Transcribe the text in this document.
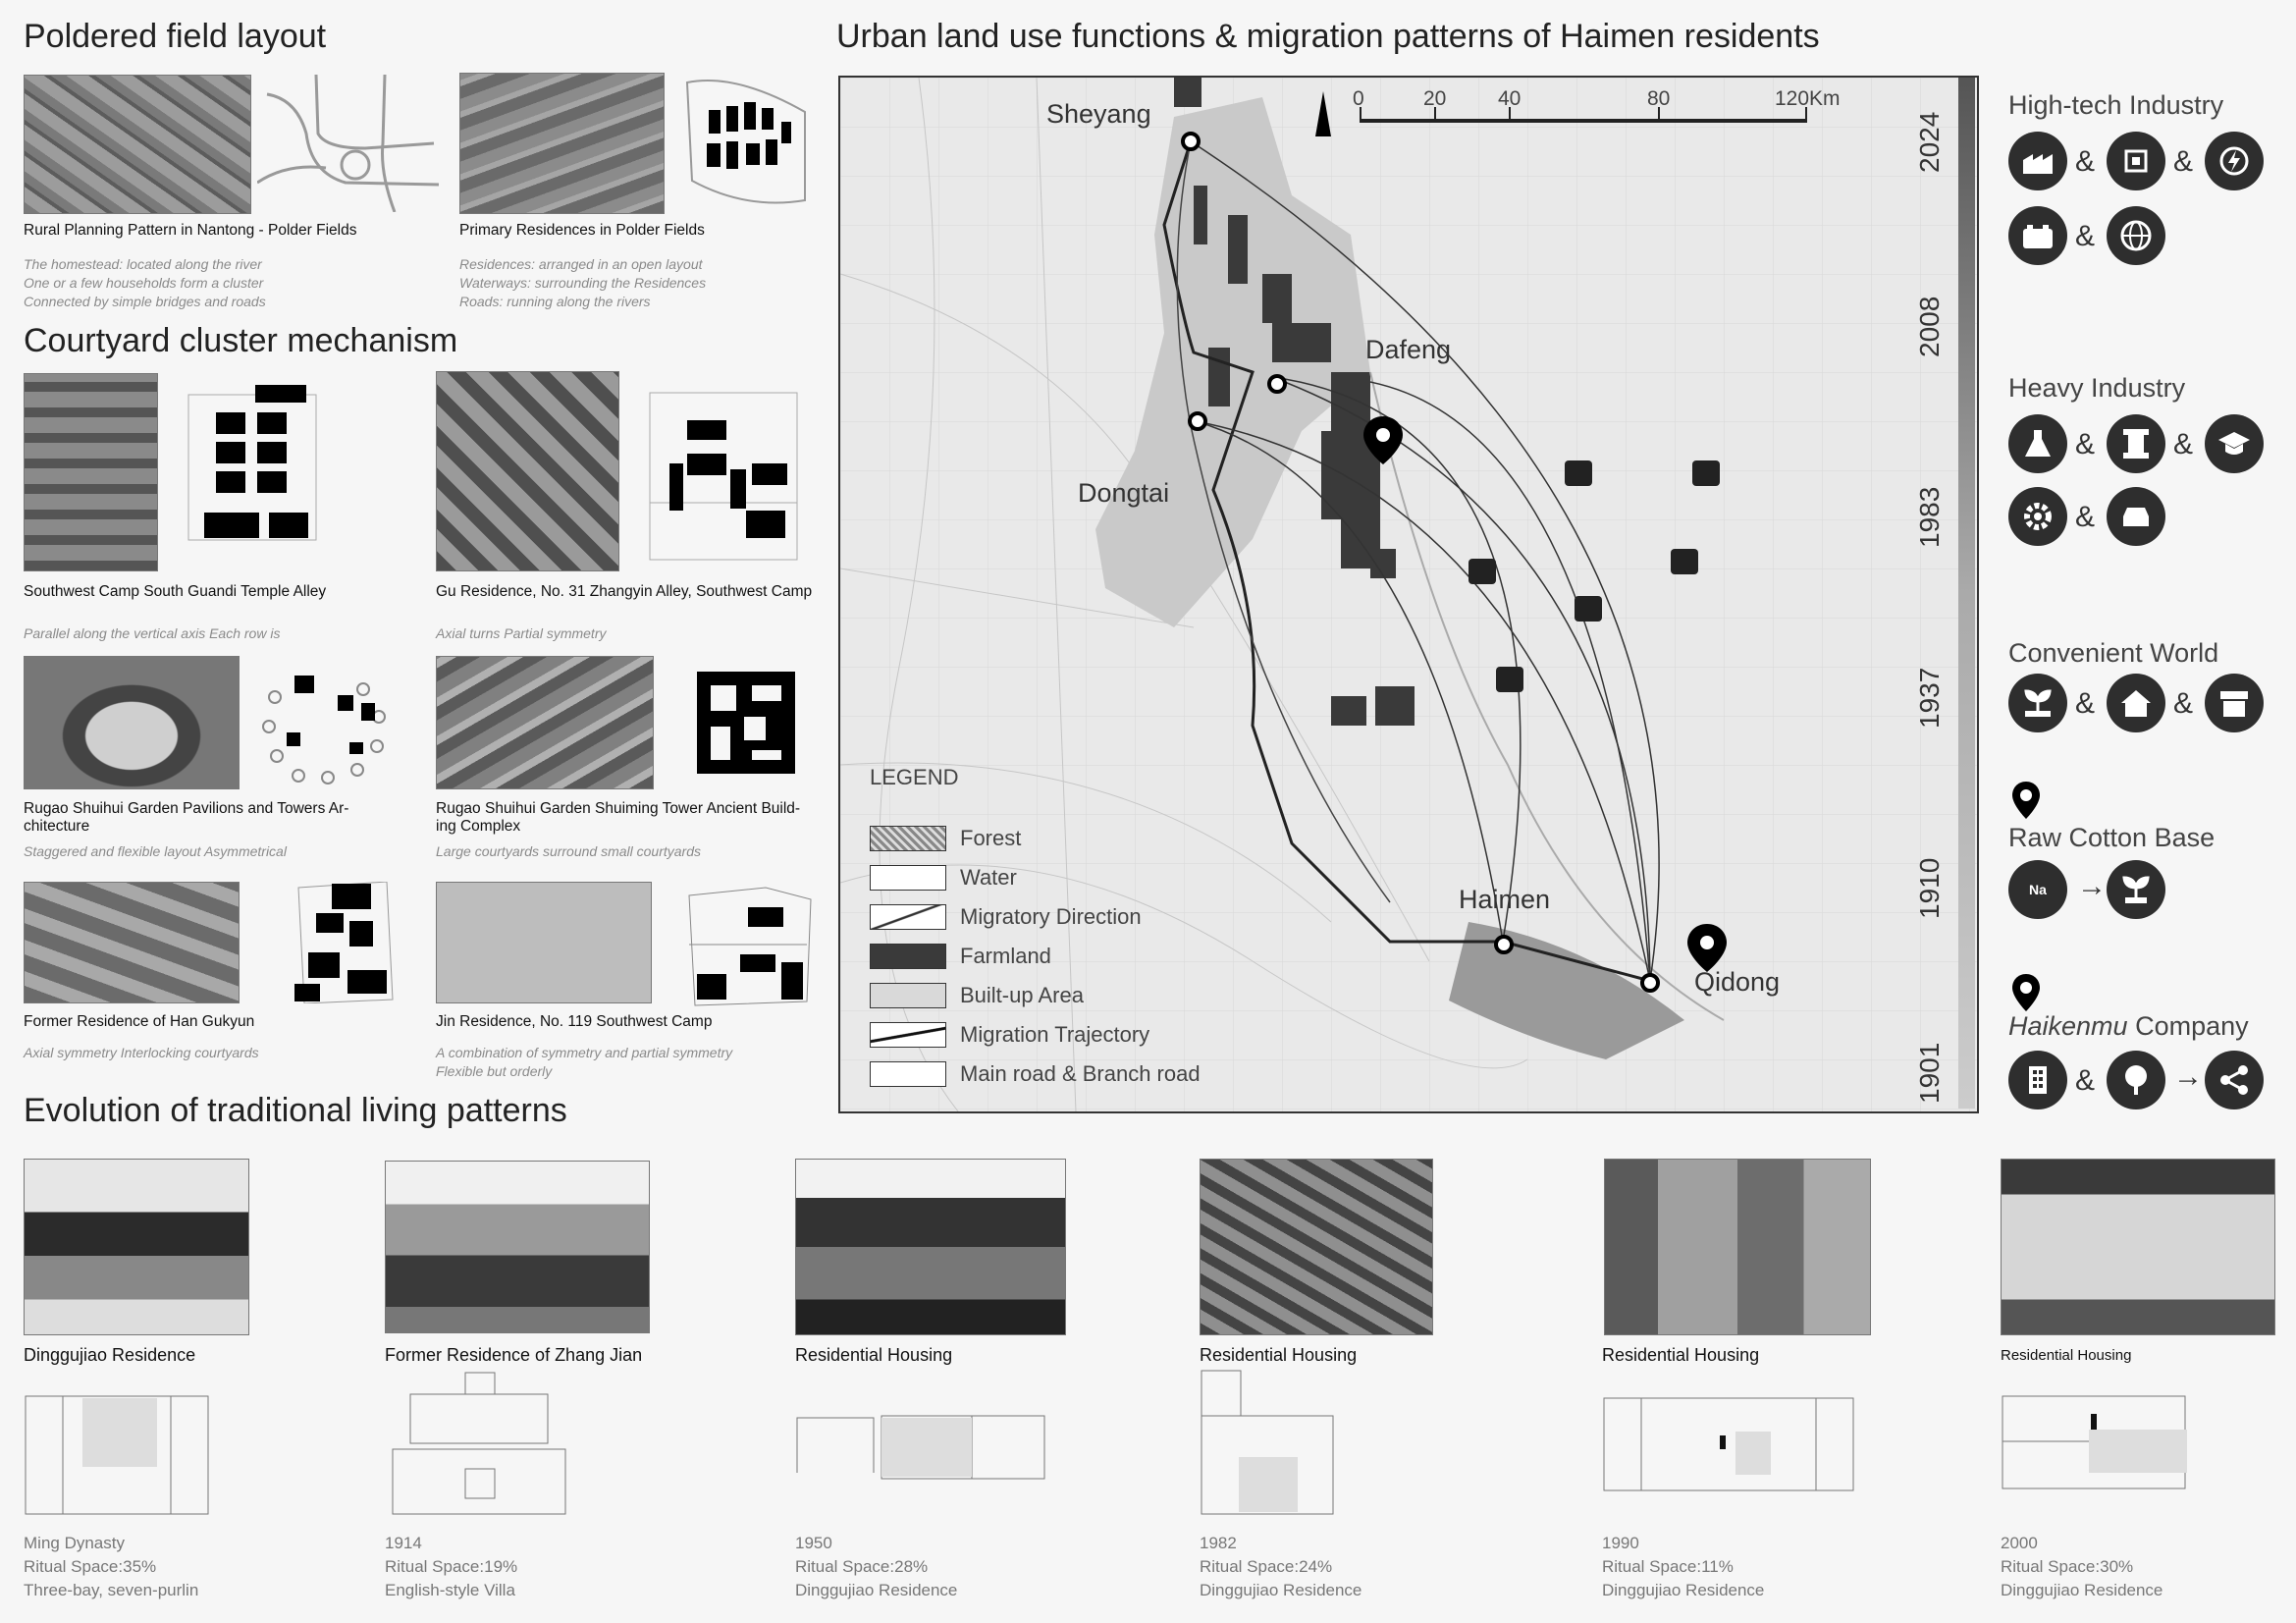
Poldered field layout
Rural Planning Pattern in Nantong - Polder Fields
The homestead: located along the river
One or a few households form a cluster
Connected by simple bridges and roads
Primary Residences in Polder Fields
Residences: arranged in an open layout
Waterways: surrounding the Residences
Roads: running along the rivers
Courtyard cluster mechanism
Southwest Camp South Guandi Temple Alley
Parallel along the vertical axis Each row is
Gu Residence, No. 31 Zhangyin Alley, Southwest Camp
Axial turns Partial symmetry
Rugao Shuihui Garden Pavilions and Towers Ar-chitecture
Staggered and flexible layout Asymmetrical
Rugao Shuihui Garden Shuiming Tower Ancient Build-ing Complex
Large courtyards surround small courtyards
Former Residence of Han Gukyun
Axial symmetry Interlocking courtyards
Jin Residence, No. 119 Southwest Camp
A combination of symmetry and partial symmetry
Flexible but orderly
Urban land use functions & migration patterns of Haimen residents
0	20	40	80	120Km
Sheyang
Dafeng
Dongtai
Haimen
Qidong
LEGEND
Forest
Water
Migratory Direction
Farmland
Built-up Area
Migration Trajectory
Main road & Branch road
2024
2008
1983
1937
1910
1901
High-tech Industry
&	&
&
Heavy Industry
&	&
&
Convenient World
&	&
Raw Cotton Base
Na →
Haikenmu Company
&	→
Evolution of traditional living patterns
Dinggujiao Residence	Former Residence of Zhang Jian	Residential Housing	Residential Housing	Residential Housing	Residential Housing
Ming Dynasty
Ritual Space:35%
Three-bay, seven-purlin
1914
Ritual Space:19%
English-style Villa
1950
Ritual Space:28%
Dinggujiao Residence
1982
Ritual Space:24%
Dinggujiao Residence
1990
Ritual Space:11%
Dinggujiao Residence
2000
Ritual Space:30%
Dinggujiao Residence
